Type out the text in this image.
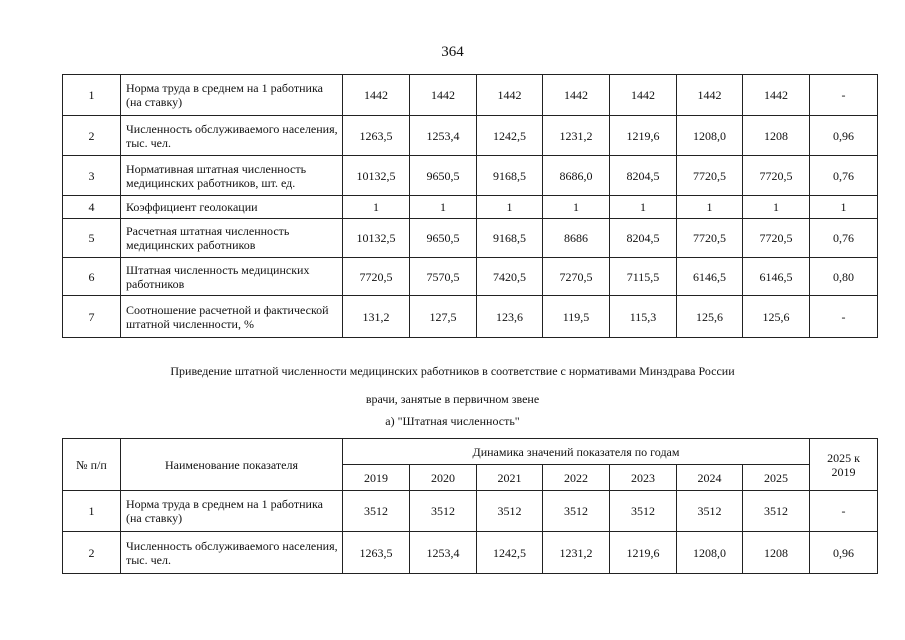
364
1	Норма труда в среднем на 1 работника (на ставку)	1442	1442	1442	1442	1442	1442	1442	-
2	Численность обслуживаемого населения, тыс. чел.	1263,5	1253,4	1242,5	1231,2	1219,6	1208,0	1208	0,96
3	Нормативная штатная численность медицинских работников, шт. ед.	10132,5	9650,5	9168,5	8686,0	8204,5	7720,5	7720,5	0,76
4	Коэффициент геолокации	1	1	1	1	1	1	1	1
5	Расчетная штатная численность медицинских работников	10132,5	9650,5	9168,5	8686	8204,5	7720,5	7720,5	0,76
6	Штатная численность медицинских работников	7720,5	7570,5	7420,5	7270,5	7115,5	6146,5	6146,5	0,80
7	Соотношение расчетной и фактической штатной численности, %	131,2	127,5	123,6	119,5	115,3	125,6	125,6	-
Приведение штатной численности медицинских работников в соответствие с нормативами Минздрава России
врачи, занятые в первичном звене
а) "Штатная численность"
№ п/п	Наименование показателя	Динамика значений показателя по годам							2025 к 2019
		2019	2020	2021	2022	2023	2024	2025	
1	Норма труда в среднем на 1 работника (на ставку)	3512	3512	3512	3512	3512	3512	3512	-
2	Численность обслуживаемого населения, тыс. чел.	1263,5	1253,4	1242,5	1231,2	1219,6	1208,0	1208	0,96
